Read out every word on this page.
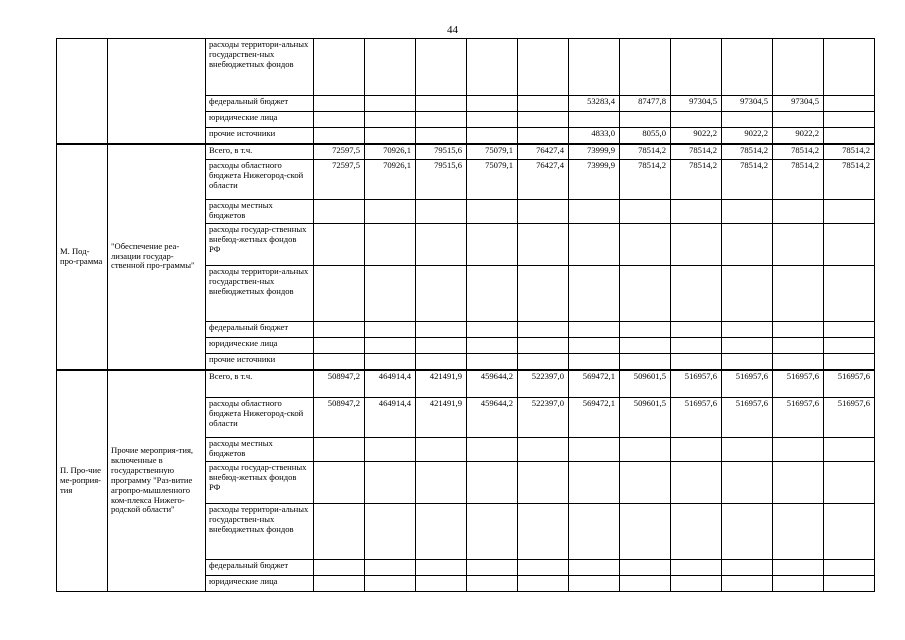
44
		расходы территори-альных государствен-ных внебюджетных фондов											
		федеральный бюджет						53283,4	87477,8	97304,5	97304,5	97304,5	
		юридические лица											
		прочие источники						4833,0	8055,0	9022,2	9022,2	9022,2	
М. Под-про-грамма	"Обеспечение реа-лизации государ-ственной про-граммы"	Всего, в т.ч.	72597,5	70926,1	79515,6	75079,1	76427,4	73999,9	78514,2	78514,2	78514,2	78514,2	78514,2
		расходы областного бюджета Нижегород-ской области	72597,5	70926,1	79515,6	75079,1	76427,4	73999,9	78514,2	78514,2	78514,2	78514,2	78514,2
		расходы местных бюджетов											
		расходы государ-ственных внебюд-жетных фондов РФ											
		расходы территори-альных государствен-ных внебюджетных фондов											
		федеральный бюджет											
		юридические лица											
		прочие источники											
П. Про-чие ме-роприя-тия	Прочие мероприя-тия, включенные в государственную программу "Раз-витие агропро-мышленного ком-плекса Нижего-родской области"	Всего, в т.ч.	508947,2	464914,4	421491,9	459644,2	522397,0	569472,1	509601,5	516957,6	516957,6	516957,6	516957,6
		расходы областного бюджета Нижегород-ской области	508947,2	464914,4	421491,9	459644,2	522397,0	569472,1	509601,5	516957,6	516957,6	516957,6	516957,6
		расходы местных бюджетов											
		расходы государ-ственных внебюд-жетных фондов РФ											
		расходы территори-альных государствен-ных внебюджетных фондов											
		федеральный бюджет											
		юридические лица											
